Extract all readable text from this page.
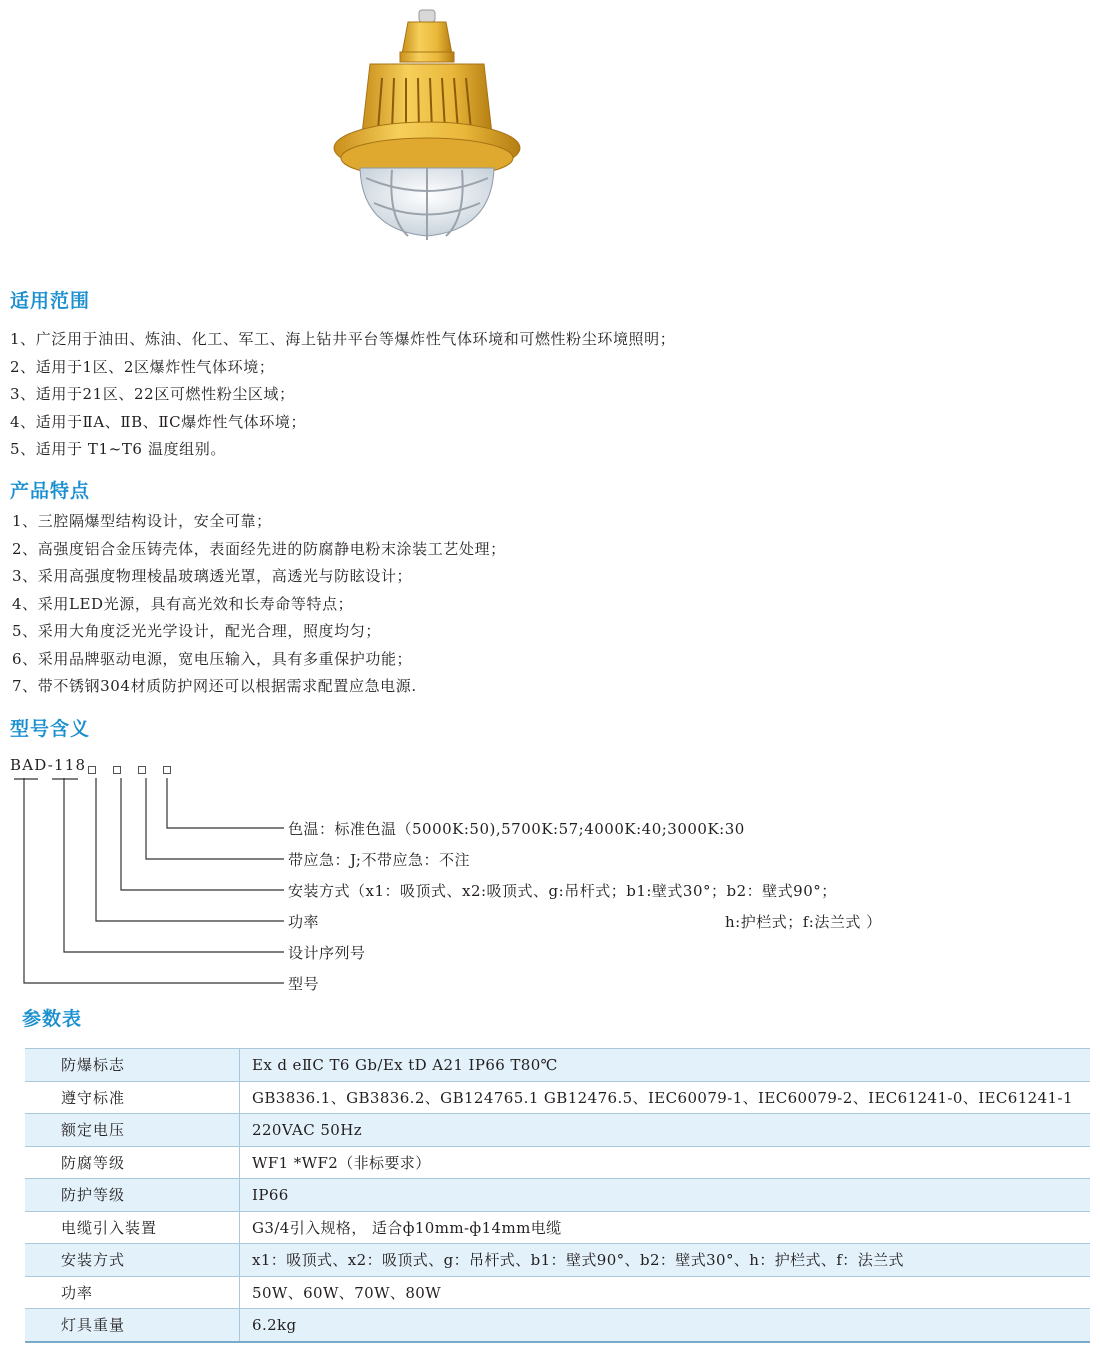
适用范围
1、广泛用于油田、炼油、化工、军工、海上钻井平台等爆炸性气体环境和可燃性粉尘环境照明；
2、适用于1区、2区爆炸性气体环境；
3、适用于21区、22区可燃性粉尘区域；
4、适用于ⅡA、ⅡB、ⅡC爆炸性气体环境；
5、适用于 T1~T6 温度组别。
产品特点
1、三腔隔爆型结构设计，安全可靠；
2、高强度铝合金压铸壳体，表面经先进的防腐静电粉末涂装工艺处理；
3、采用高强度物理棱晶玻璃透光罩，高透光与防眩设计；
4、采用LED光源，具有高光效和长寿命等特点；
5、采用大角度泛光光学设计，配光合理，照度均匀；
6、采用品牌驱动电源，宽电压输入，具有多重保护功能；
7、带不锈钢304材质防护网还可以根据需求配置应急电源.
型号含义
BAD-118
色温：标准色温（5000K:50),5700K:57;4000K:40;3000K:30
带应急：J;不带应急：不注
安装方式（x1：吸顶式、x2:吸顶式、g:吊杆式；b1:壁式30°；b2：壁式90°；
功率	h:护栏式；f:法兰式 ）
设计序列号
型号
参数表
防爆标志	Ex d eⅡC T6 Gb/Ex tD A21 IP66 T80℃
遵守标准	GB3836.1、GB3836.2、GB124765.1 GB12476.5、IEC60079-1、IEC60079-2、IEC61241-0、IEC61241-1
额定电压	220VAC 50Hz
防腐等级	WF1 *WF2（非标要求）
防护等级	IP66
电缆引入装置	G3/4引入规格， 适合ф10mm-ф14mm电缆
安装方式	x1：吸顶式、x2：吸顶式、g：吊杆式、b1：壁式90°、b2：壁式30°、h：护栏式、f：法兰式
功率	50W、60W、70W、80W
灯具重量	6.2kg
